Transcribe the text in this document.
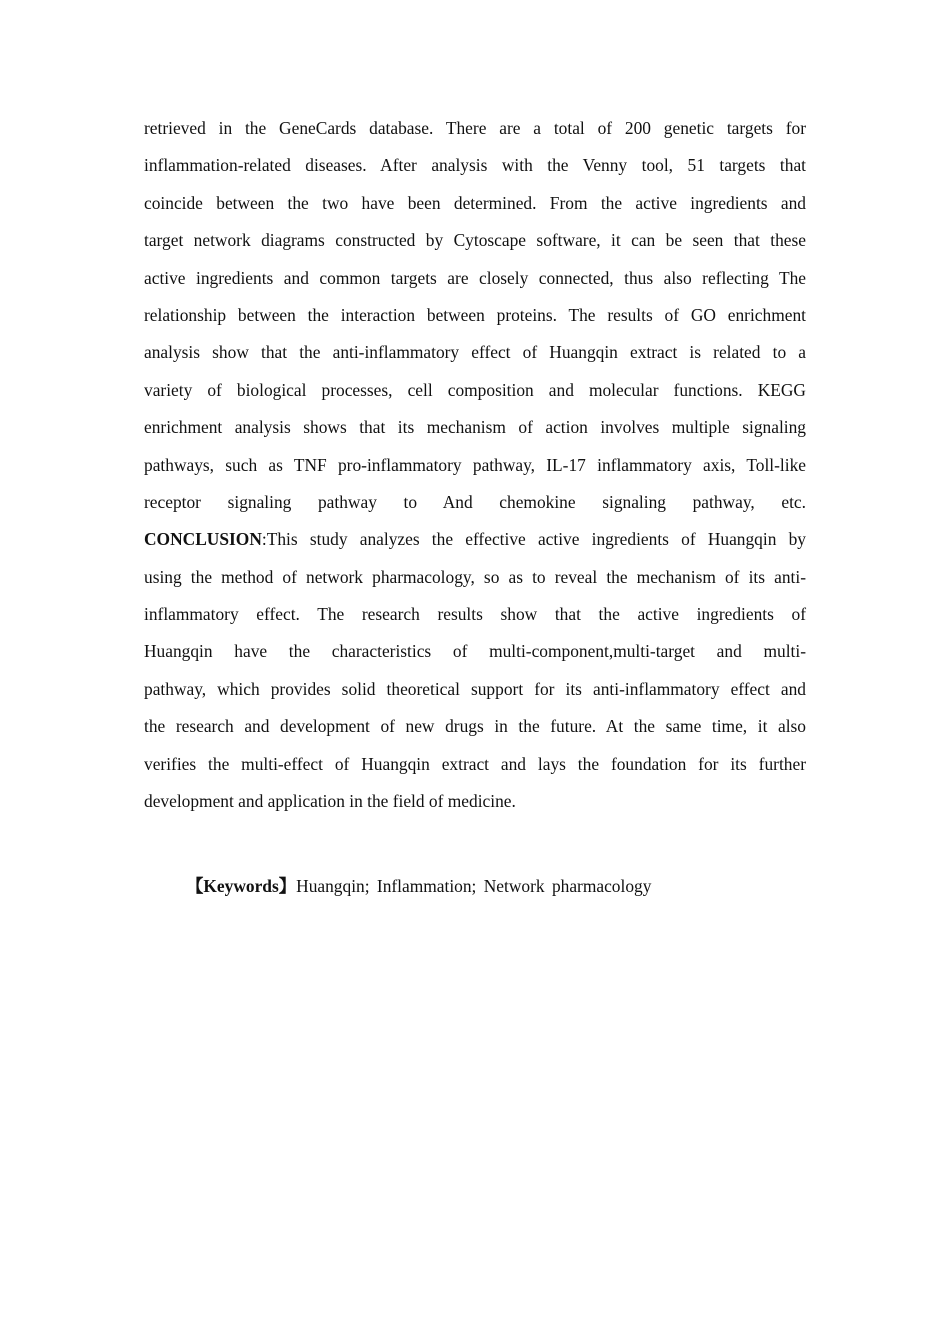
retrieved in the GeneCards database. There are a total of 200 genetic targets for
inflammation-related diseases. After analysis with the Venny tool, 51 targets that
coincide between the two have been determined. From the active ingredients and
target network diagrams constructed by Cytoscape software, it can be seen that these
active ingredients and common targets are closely connected, thus also reflecting The
relationship between the interaction between proteins. The results of GO enrichment
analysis show that the anti-inflammatory effect of Huangqin extract is related to a
variety of biological processes, cell composition and molecular functions. KEGG
enrichment analysis shows that its mechanism of action involves multiple signaling
pathways, such as TNF pro-inflammatory pathway, IL-17 inflammatory axis, Toll-like
receptor signaling pathway to And chemokine signaling pathway, etc.
CONCLUSION:This study analyzes the effective active ingredients of Huangqin by
using the method of network pharmacology, so as to reveal the mechanism of its anti-
inflammatory effect. The research results show that the active ingredients of
Huangqin have the characteristics of multi-component,multi-target and multi-
pathway, which provides solid theoretical support for its anti-inflammatory effect and
the research and development of new drugs in the future. At the same time, it also
verifies the multi-effect of Huangqin extract and lays the foundation for its further
development and application in the field of medicine.
【Keywords】Huangqin; Inflammation; Network pharmacology
